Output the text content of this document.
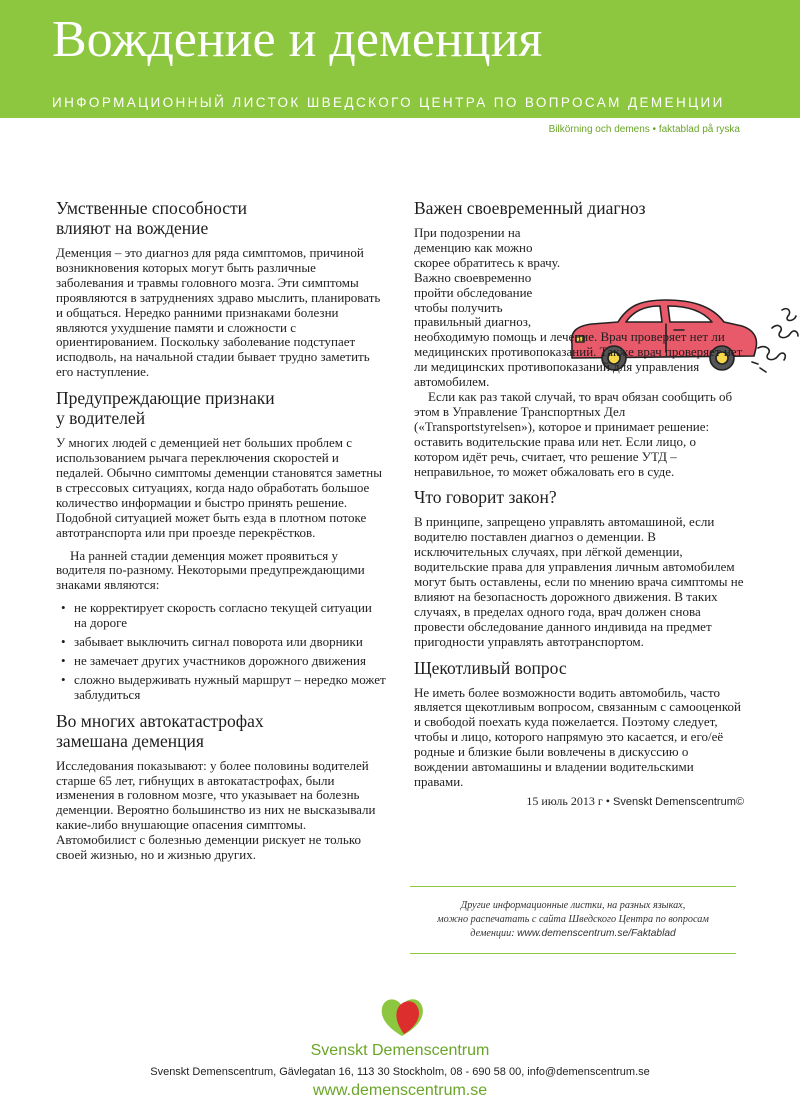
Вождение и деменция
ИНФОРМАЦИОННЫЙ ЛИСТОК ШВЕДСКОГО ЦЕНТРА ПО ВОПРОСАМ ДЕМЕНЦИИ
Bilkörning och demens • faktablad på ryska
Умственные способности
влияют на вождение

Деменция – это диагноз для ряда симптомов, причиной возникновения которых могут быть различные заболевания и травмы головного мозга. Эти симптомы проявляются в затруднениях здраво мыслить, планировать и общаться. Нередко ранними признаками болезни являются ухудшение памяти и сложности с ориентированием. Поскольку заболевание подступает исподволь, на начальной стадии бывает трудно заметить его наступление.

Предупреждающие признаки
у водителей

У многих людей с деменцией нет больших проблем с использованием рычага переключения скоростей и педалей. Обычно симптомы деменции становятся заметны в стрессовых ситуациях, когда надо обработать большое количество информации и быстро принять решение. Подобной ситуацией может быть езда в плотном потоке автотранспорта или при проезде перекрёстков.

На ранней стадии деменция может проявиться у водителя по-разному. Некоторыми предупреждающими знаками являются:

• не корректирует скорость согласно текущей ситуации на дороге
• забывает выключить сигнал поворота или дворники
• не замечает других участников дорожного движения
• сложно выдерживать нужный маршрут – нередко может заблудиться
Во многих автокатастрофах
замешана деменция

Исследования показывают: у более половины водителей старше 65 лет, гибнущих в автокатастрофах, были изменения в головном мозге, что указывает на болезнь деменции. Вероятно большинство из них не высказывали какие-либо внушающие опасения симптомы. Автомобилист с болезнью деменции рискует не только своей жизнью, но и жизнью других.

Важен своевременный диагноз

При подозрении на деменцию как можно скорее обратитесь к врачу. Важно своевременно пройти обследование чтобы получить правильный диагноз, необходимую помощь и лечение. Врач проверяет нет ли медицинских противопоказаний. Также врач проверяет нет ли медицинских противопоказаний для управления автомобилем.

Если как раз такой случай, то врач обязан сообщить об этом в Управление Транспортных Дел («Transportstyrelsen»), которое и принимает решение: оставить водительские права или нет. Если лицо, о котором идёт речь, считает, что решение УТД – неправильное, то может обжаловать его в суде.

Что говорит закон?

В принципе, запрещено управлять автомашиной, если водителю поставлен диагноз о деменции. В исключительных случаях, при лёгкой деменции, водительские права для управления личным автомобилем могут быть оставлены, если по мнению врача симптомы не влияют на безопасность дорожного движения. В таких случаях, в пределах одного года, врач должен снова провести обследование данного индивида на предмет пригодности управлять автотранспортом.

Щекотливый вопрос

Не иметь более возможности водить автомобиль, часто является щекотливым вопросом, связанным с самооценкой и свободой поехать куда пожелается. Поэтому следует, чтобы и лицо, которого напрямую это касается, и его/её родные и близкие были вовлечены в дискуссию о вождении автомашины и владении водительскими правами.

15 июль 2013 г • Svenskt Demenscentrum©
Другие информационные листки, на разных языках,
можно распечатать с сайта Шведского Центра по вопросам
деменции: www.demenscentrum.se/Faktablad
Svenskt Demenscentrum
Svenskt Demenscentrum, Gävlegatan 16, 113 30 Stockholm, 08 - 690 58 00, info@demenscentrum.se
www.demenscentrum.se
